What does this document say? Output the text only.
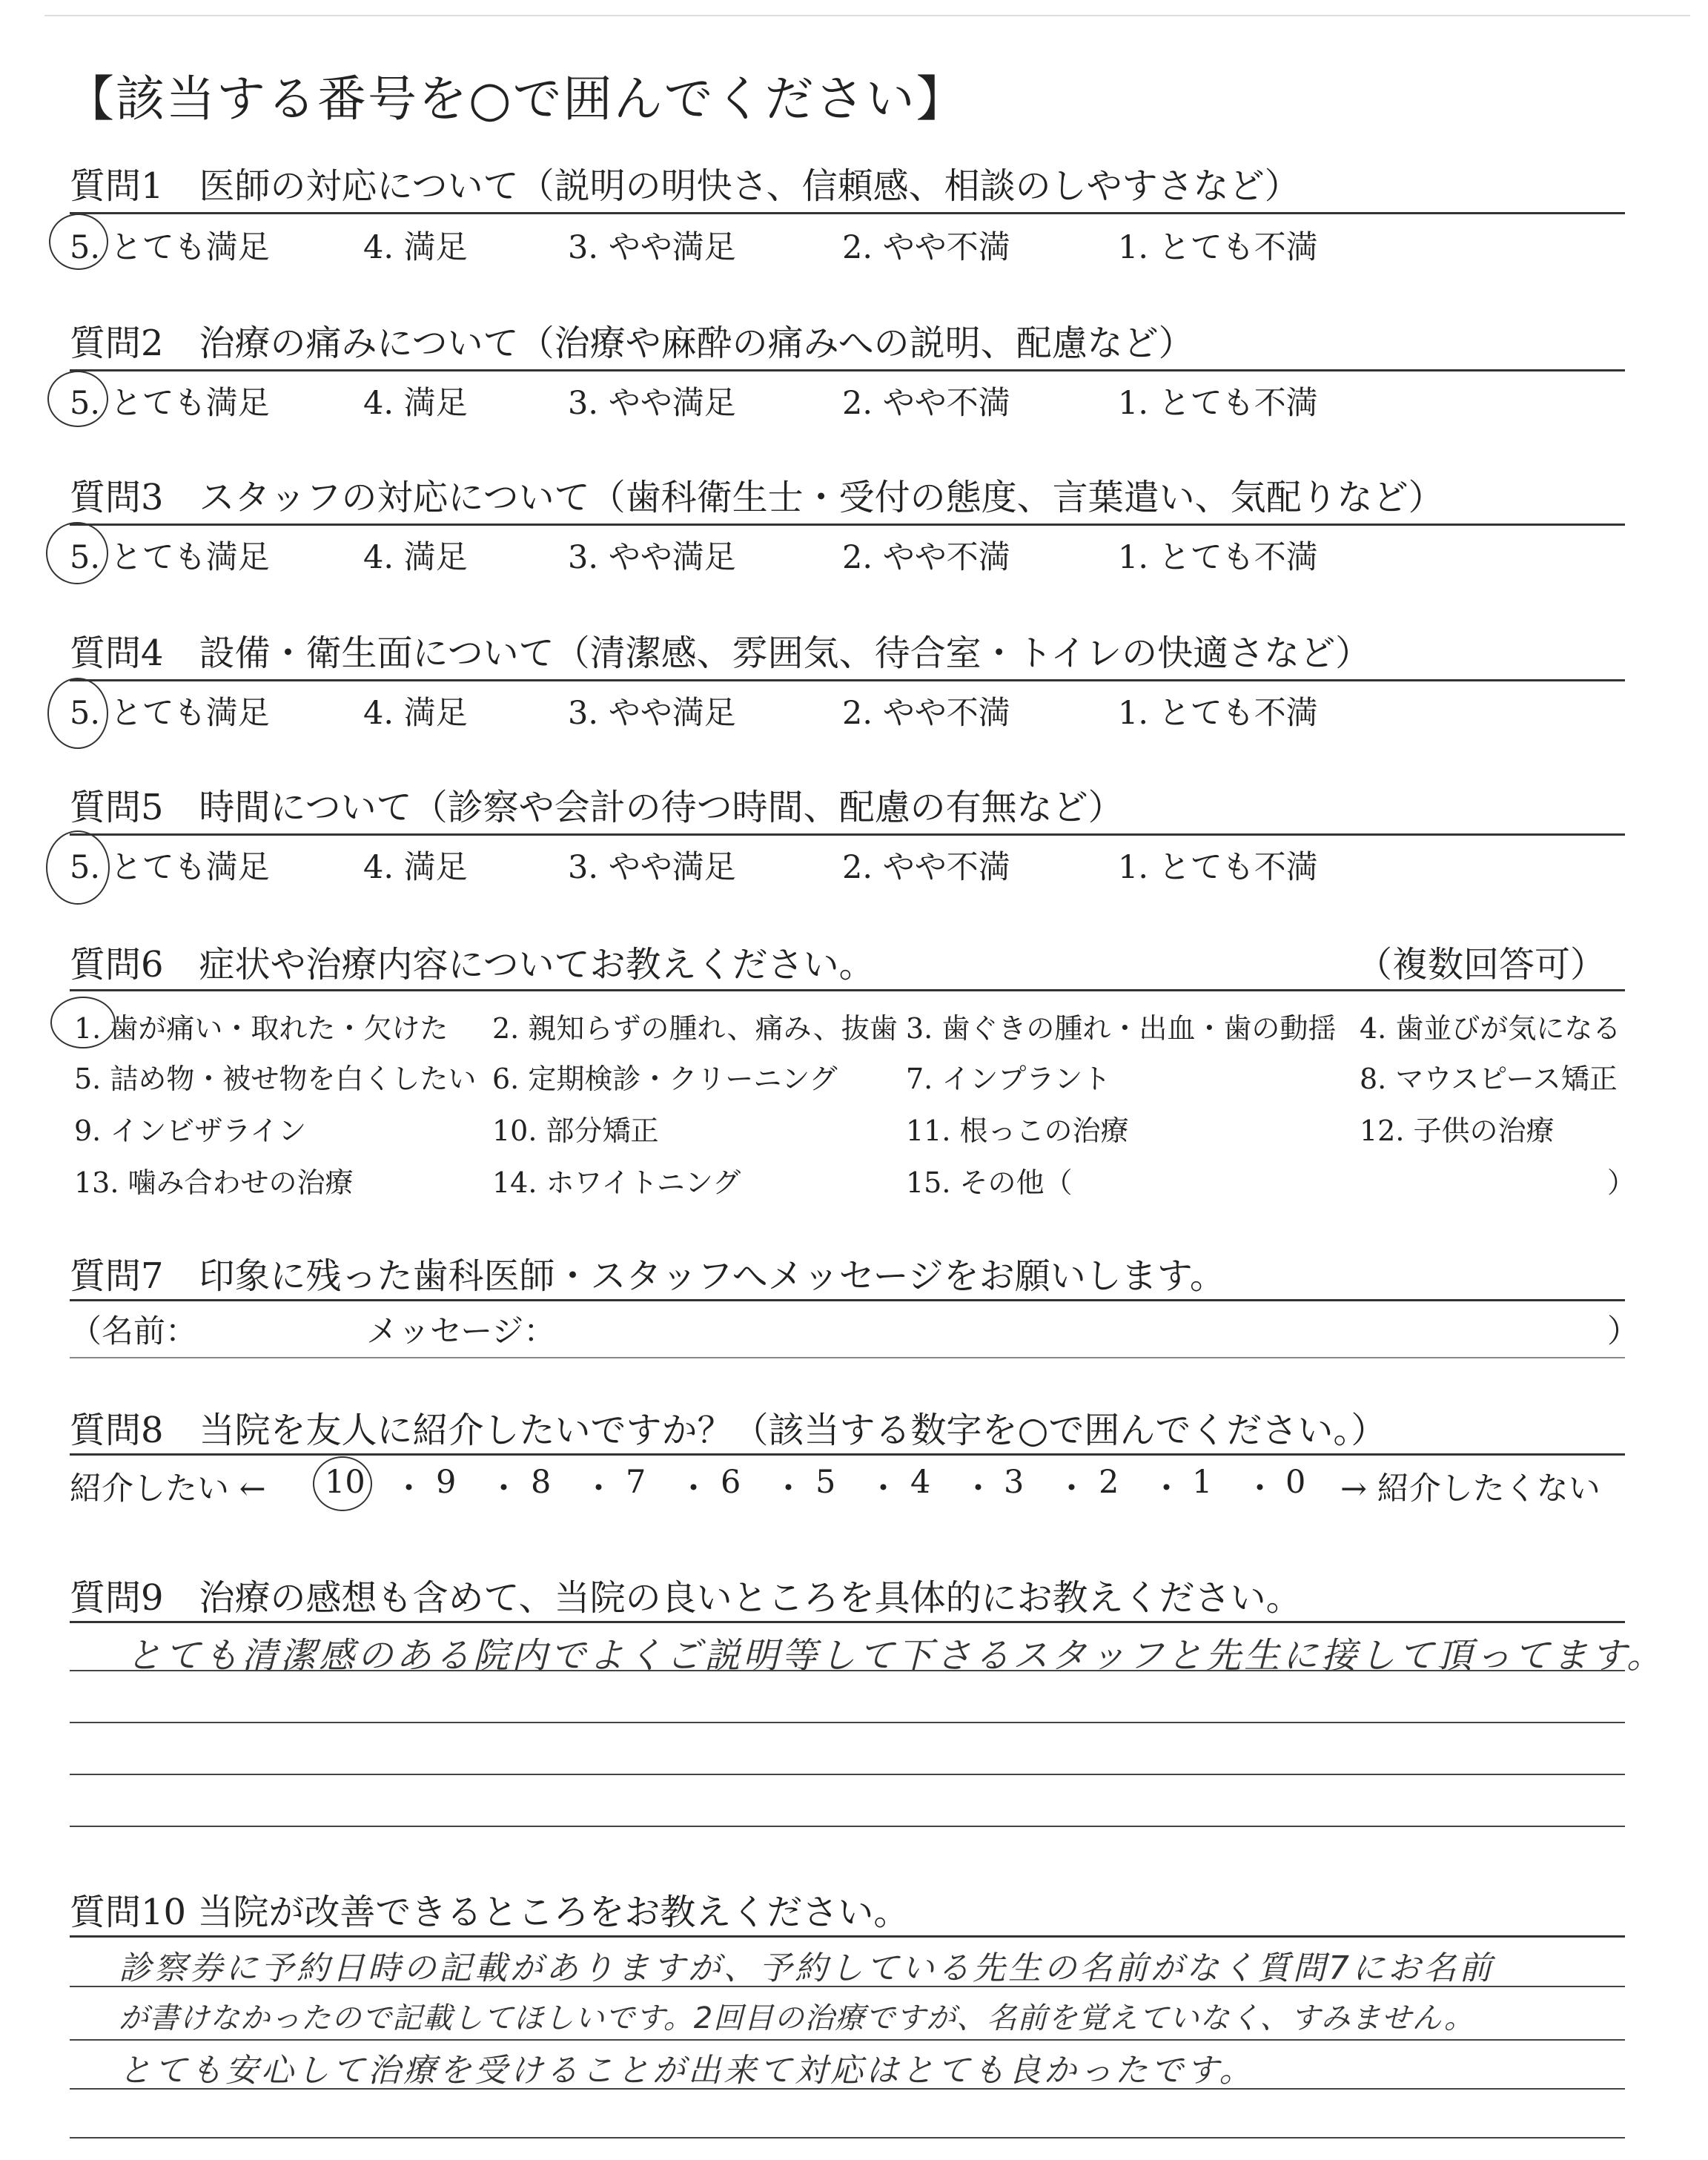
【該当する番号を○で囲んでください】
質問1　医師の対応について（説明の明快さ、信頼感、相談のしやすさなど）
5. とても満足	4. 満足	3. やや満足	2. やや不満	1. とても不満
質問2　治療の痛みについて（治療や麻酔の痛みへの説明、配慮など）
5. とても満足	4. 満足	3. やや満足	2. やや不満	1. とても不満
質問3　スタッフの対応について（歯科衛生士・受付の態度、言葉遣い、気配りなど）
5. とても満足	4. 満足	3. やや満足	2. やや不満	1. とても不満
質問4　設備・衛生面について（清潔感、雰囲気、待合室・トイレの快適さなど）
5. とても満足	4. 満足	3. やや満足	2. やや不満	1. とても不満
質問5　時間について（診察や会計の待つ時間、配慮の有無など）
5. とても満足	4. 満足	3. やや満足	2. やや不満	1. とても不満
質問6　症状や治療内容についてお教えください。	（複数回答可）
1. 歯が痛い・取れた・欠けた 2. 親知らずの腫れ、痛み、抜歯 3. 歯ぐきの腫れ・出血・歯の動揺 4. 歯並びが気になる
5. 詰め物・被せ物を白くしたい 6. 定期検診・クリーニング 7. インプラント	8. マウスピース矯正
9. インビザライン	10. 部分矯正	11. 根っこの治療	12. 子供の治療
13. 噛み合わせの治療	14. ホワイトニング	15. その他（	）
質問7　印象に残った歯科医師・スタッフへメッセージをお願いします。
（名前：	メッセージ：	）
質問8　当院を友人に紹介したいですか？（該当する数字を○で囲んでください。）
紹介したい ← 10 ・ 9 ・ 8 ・ 7 ・ 6 ・ 5 ・ 4 ・ 3 ・ 2 ・ 1 ・ 0 → 紹介したくない
質問9　治療の感想も含めて、当院の良いところを具体的にお教えください。
とても清潔感のある院内でよくご説明等して下さるスタッフと先生に接して頂ってます。
質問10 当院が改善できるところをお教えください。
診察券に予約日時の記載がありますが、予約している先生の名前がなく質問7にお名前
が書けなかったので記載してほしいです。2回目の治療ですが、名前を覚えていなく、すみません。
とても安心して治療を受けることが出来て対応はとても良かったです。
